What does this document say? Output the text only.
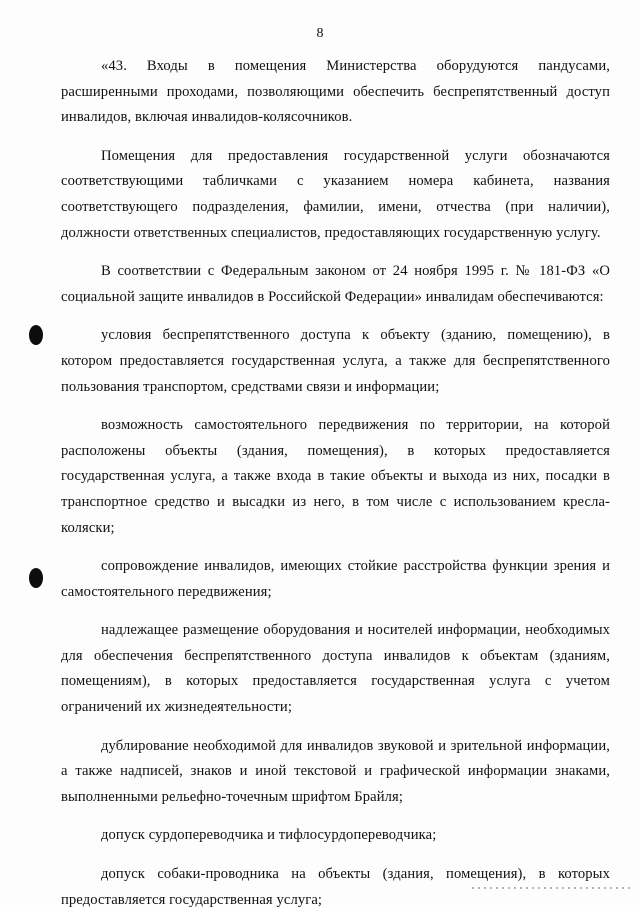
8

«43. Входы в помещения Министерства оборудуются пандусами, расширенными проходами, позволяющими обеспечить беспрепятственный доступ инвалидов, включая инвалидов-колясочников.

Помещения для предоставления государственной услуги обозначаются соответствующими табличками с указанием номера кабинета, названия соответствующего подразделения, фамилии, имени, отчества (при наличии), должности ответственных специалистов, предоставляющих государственную услугу.

В соответствии с Федеральным законом от 24 ноября 1995 г. № 181-ФЗ «О социальной защите инвалидов в Российской Федерации» инвалидам обеспечиваются:

условия беспрепятственного доступа к объекту (зданию, помещению), в котором предоставляется государственная услуга, а также для беспрепятственного пользования транспортом, средствами связи и информации;

возможность самостоятельного передвижения по территории, на которой расположены объекты (здания, помещения), в которых предоставляется государственная услуга, а также входа в такие объекты и выхода из них, посадки в транспортное средство и высадки из него, в том числе с использованием кресла-коляски;

сопровождение инвалидов, имеющих стойкие расстройства функции зрения и самостоятельного передвижения;

надлежащее размещение оборудования и носителей информации, необходимых для обеспечения беспрепятственного доступа инвалидов к объектам (зданиям, помещениям), в которых предоставляется государственная услуга с учетом ограничений их жизнедеятельности;

дублирование необходимой для инвалидов звуковой и зрительной информации, а также надписей, знаков и иной текстовой и графической информации знаками, выполненными рельефно-точечным шрифтом Брайля;

допуск сурдопереводчика и тифлосурдопереводчика;

допуск собаки-проводника на объекты (здания, помещения), в которых предоставляется государственная услуга;
